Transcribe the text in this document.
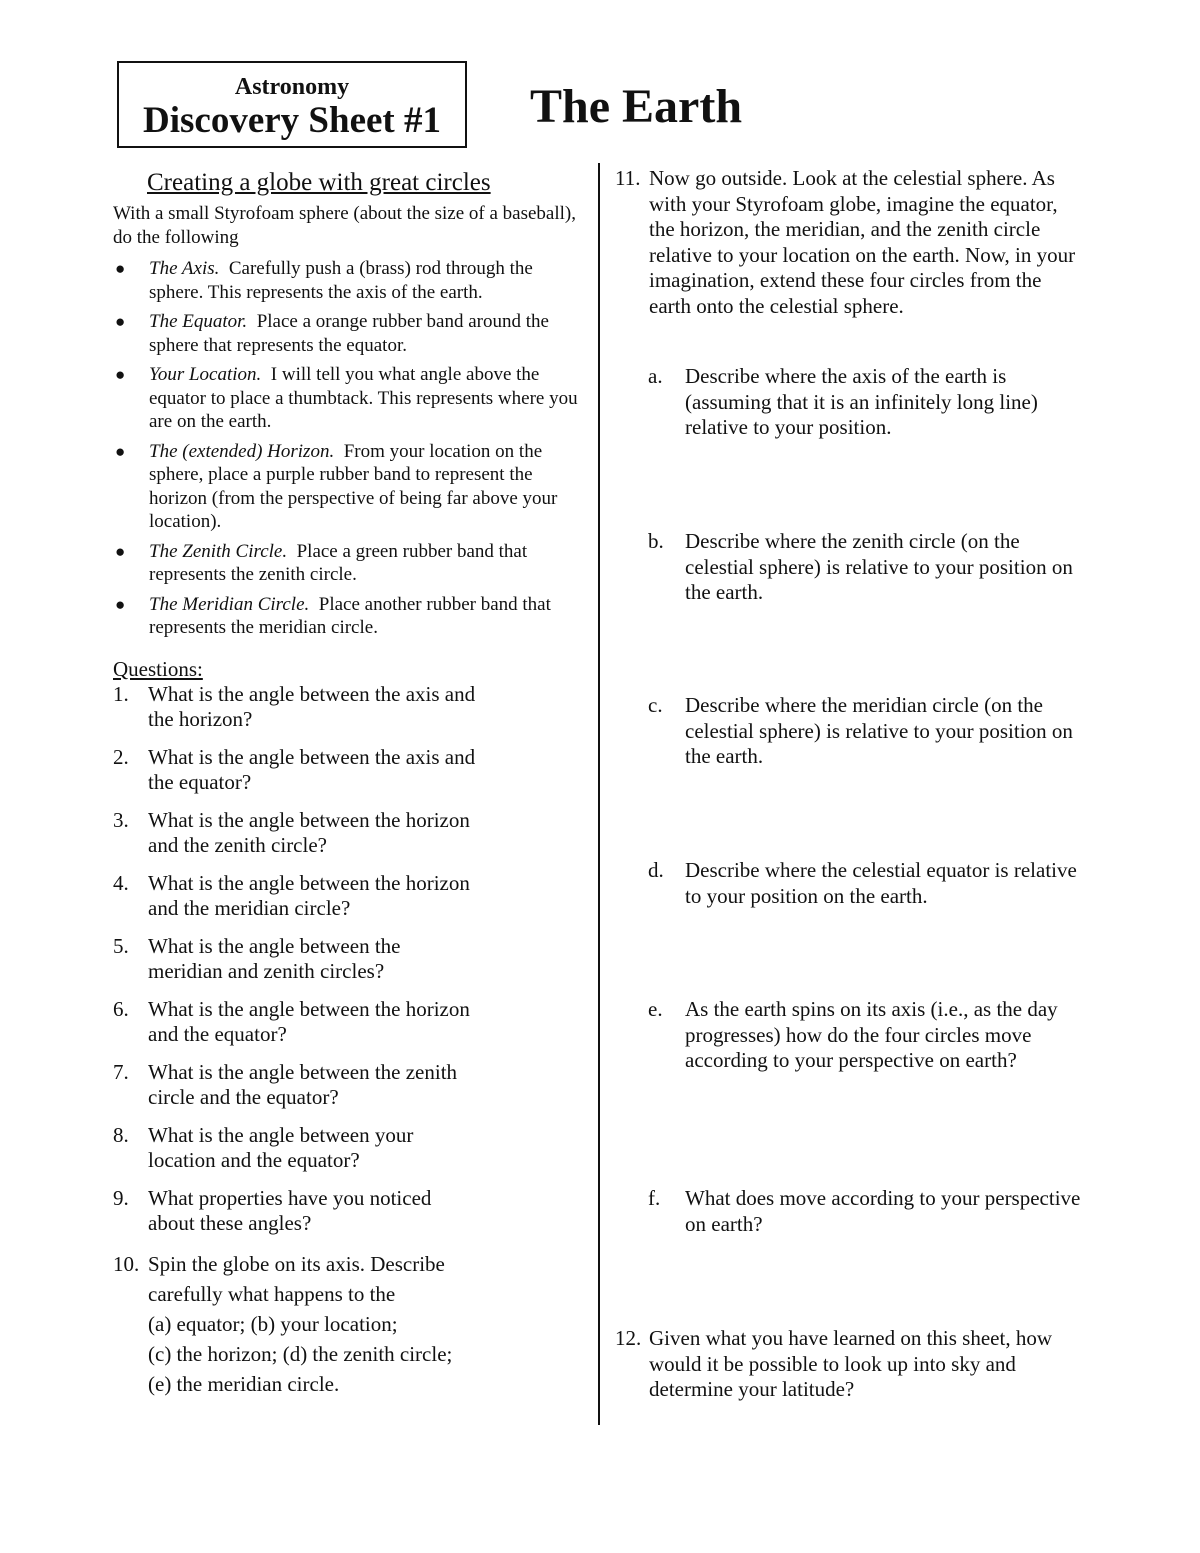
Astronomy
Discovery Sheet #1	The Earth
Creating a globe with great circles
With a small Styrofoam sphere (about the size of a baseball), do the following
● The Axis. Carefully push a (brass) rod through the sphere. This represents the axis of the earth.
● The Equator. Place a orange rubber band around the sphere that represents the equator.
● Your Location. I will tell you what angle above the equator to place a thumbtack. This represents where you are on the earth.
● The (extended) Horizon. From your location on the sphere, place a purple rubber band to represent the horizon (from the perspective of being far above your location).
● The Zenith Circle. Place a green rubber band that represents the zenith circle.
● The Meridian Circle. Place another rubber band that represents the meridian circle.
Questions:
1. What is the angle between the axis and the horizon?
2. What is the angle between the axis and the equator?
3. What is the angle between the horizon and the zenith circle?
4. What is the angle between the horizon and the meridian circle?
5. What is the angle between the meridian and zenith circles?
6. What is the angle between the horizon and the equator?
7. What is the angle between the zenith circle and the equator?
8. What is the angle between your location and the equator?
9. What properties have you noticed about these angles?
10. Spin the globe on its axis. Describe
carefully what happens to the
(a) equator; (b) your location;
(c) the horizon; (d) the zenith circle;
(e) the meridian circle.
11. Now go outside. Look at the celestial sphere. As with your Styrofoam globe, imagine the equator, the horizon, the meridian, and the zenith circle relative to your location on the earth. Now, in your imagination, extend these four circles from the earth onto the celestial sphere.
a. Describe where the axis of the earth is (assuming that it is an infinitely long line) relative to your position.
b. Describe where the zenith circle (on the celestial sphere) is relative to your position on the earth.
c. Describe where the meridian circle (on the celestial sphere) is relative to your position on the earth.
d. Describe where the celestial equator is relative to your position on the earth.
e. As the earth spins on its axis (i.e., as the day progresses) how do the four circles move according to your perspective on earth?
f. What does move according to your perspective on earth?
12. Given what you have learned on this sheet, how would it be possible to look up into sky and determine your latitude?
